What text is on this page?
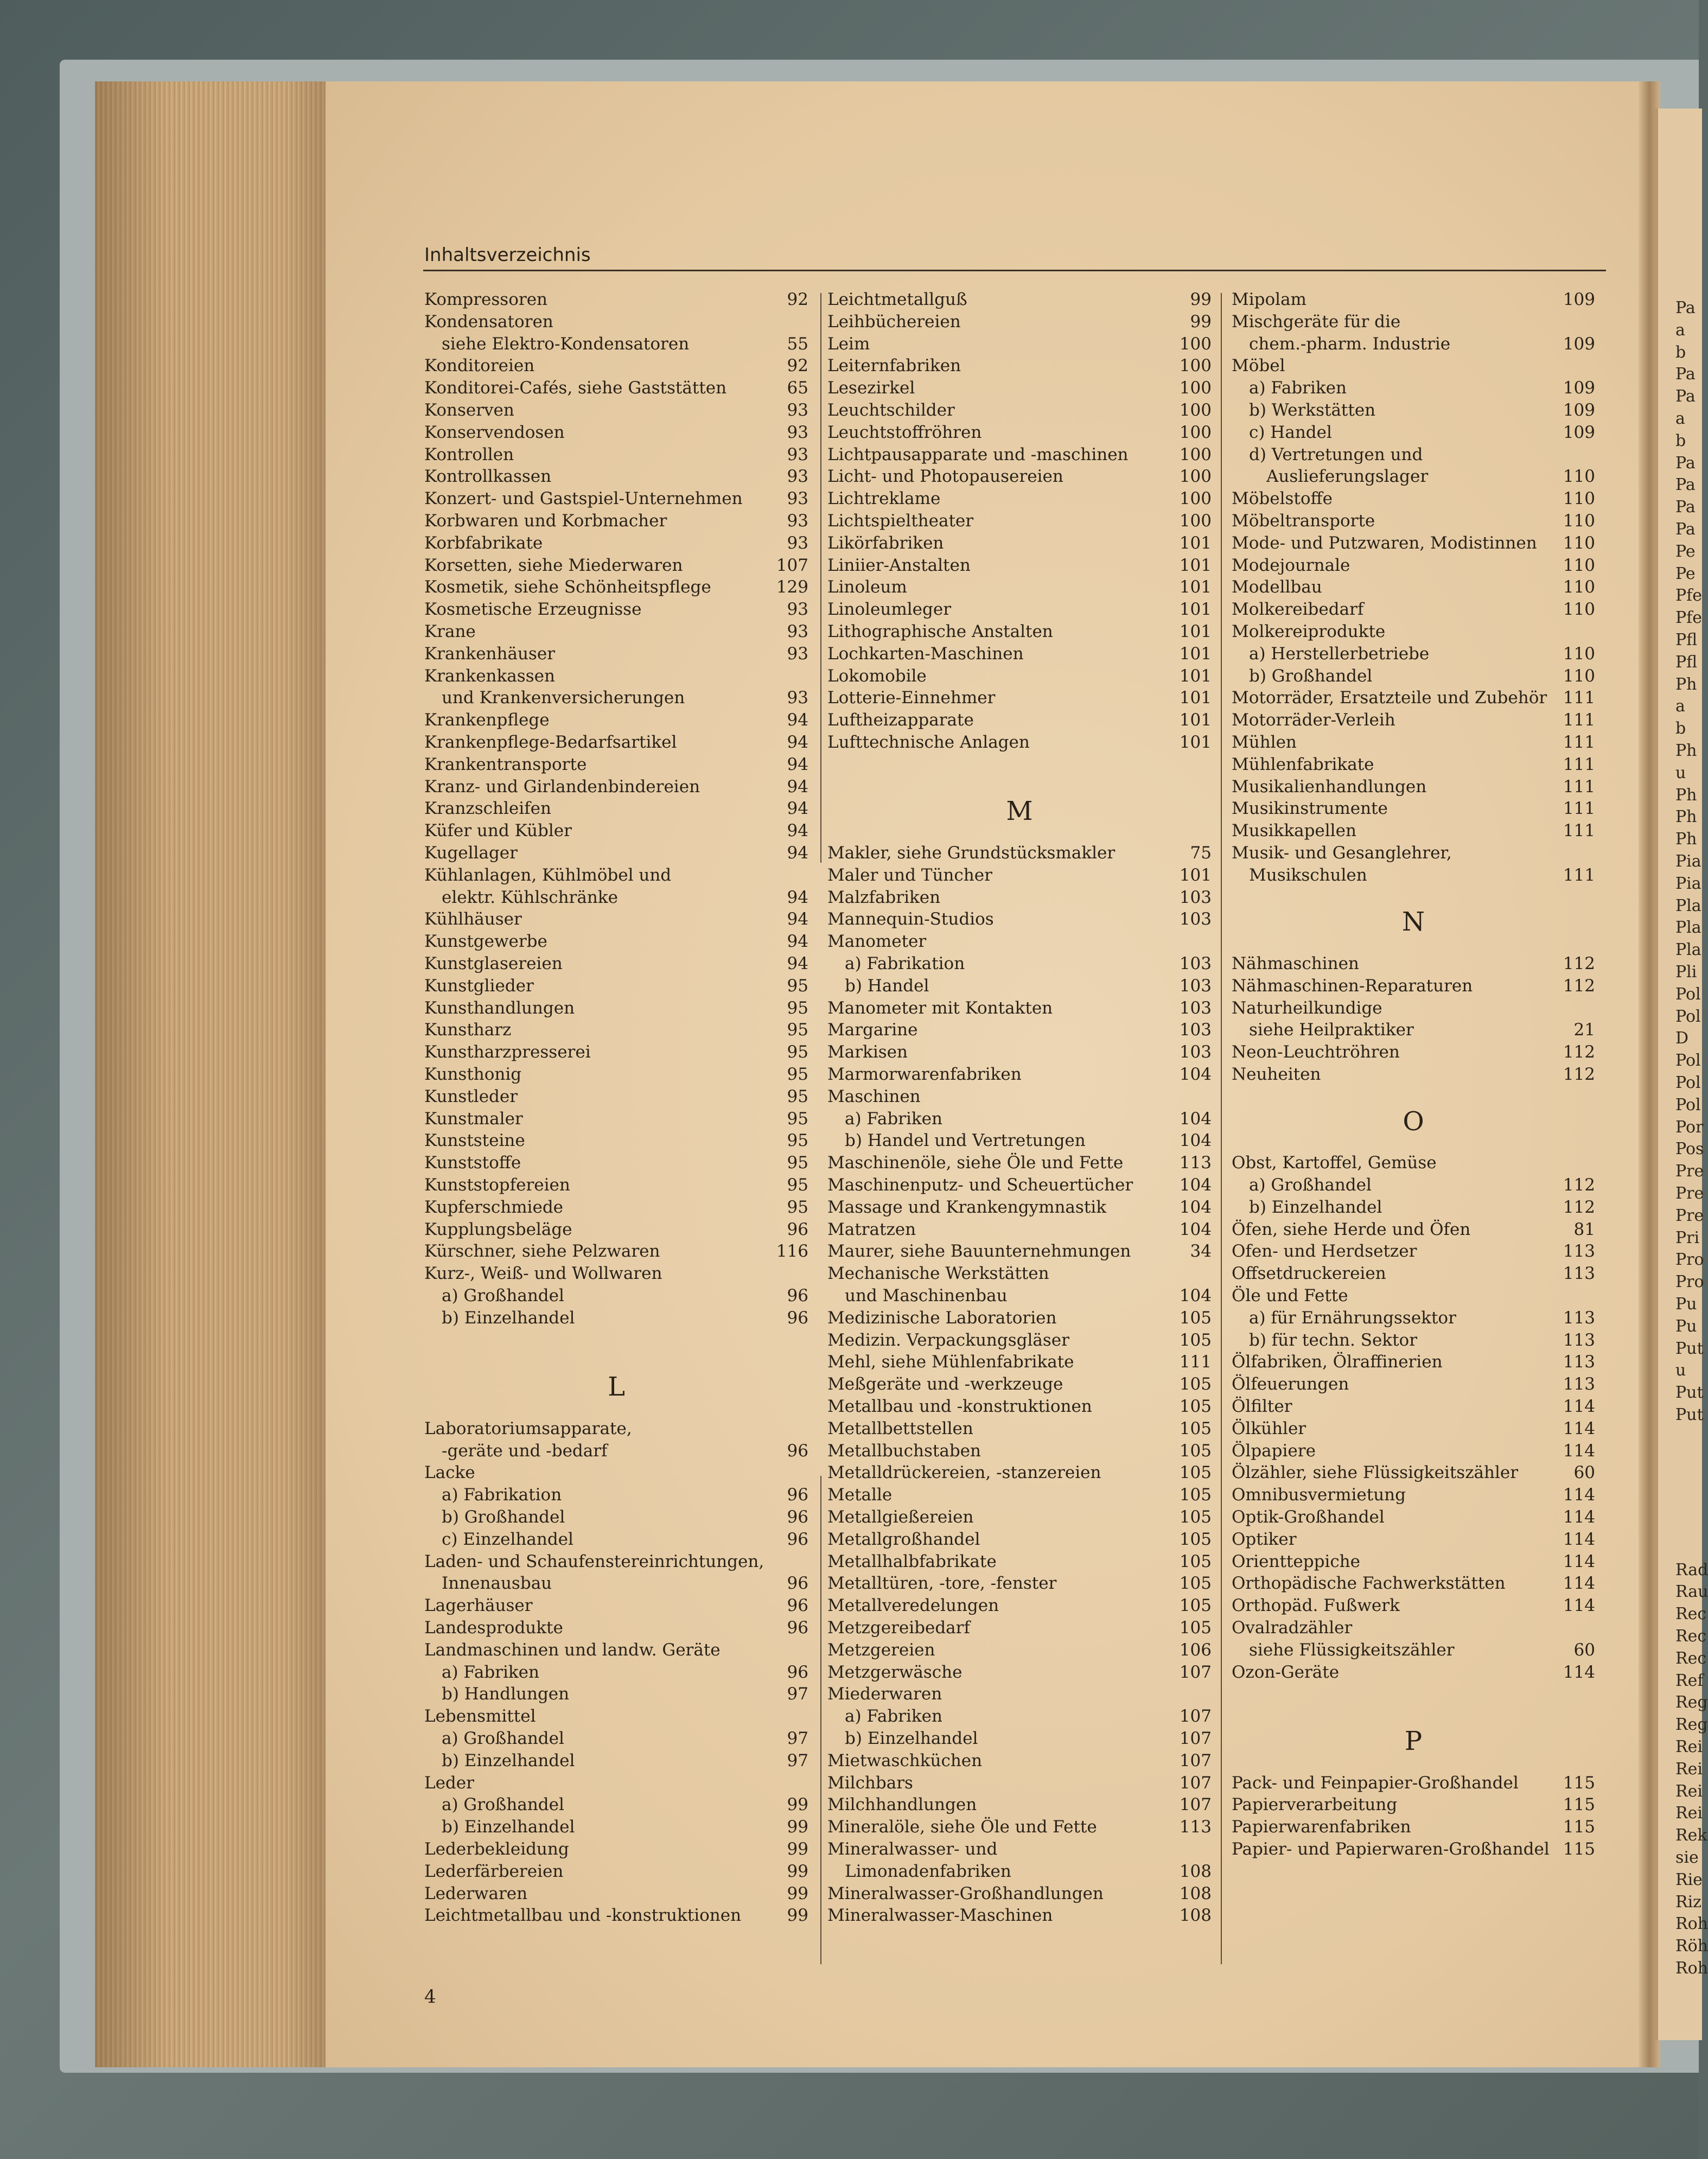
Pa
a
b
Pa
Pa
a
b
Pa
Pa
Pa
Pa
Pe
Pe
Pfe
Pfe
Pfl
Pfl
Ph
a
b
Ph
u
Ph
Ph
Ph
Pia
Pia
Pla
Pla
Pla
Pli
Pol
Pol
D
Pol
Pol
Pol
Por
Pos
Pre
Pre
Pre
Pri
Pro
Pro
Pu
Pu
Put
u
Put
Put
Rad
Rau
Rec
Rec
Rec
Ref
Reg
Reg
Rei
Rei
Rei
Rei
Rek
sie
Rie
Riz
Roh
Röh
Roh
Inhaltsverzeichnis
Kompressoren	92
Kondensatoren
siehe Elektro-Kondensatoren	55
Konditoreien	92
Konditorei-Cafés, siehe Gaststätten	65
Konserven	93
Konservendosen	93
Kontrollen	93
Kontrollkassen	93
Konzert- und Gastspiel-Unternehmen	93
Korbwaren und Korbmacher	93
Korbfabrikate	93
Korsetten, siehe Miederwaren	107
Kosmetik, siehe Schönheitspflege	129
Kosmetische Erzeugnisse	93
Krane	93
Krankenhäuser	93
Krankenkassen
und Krankenversicherungen	93
Krankenpflege	94
Krankenpflege-Bedarfsartikel	94
Krankentransporte	94
Kranz- und Girlandenbindereien	94
Kranzschleifen	94
Küfer und Kübler	94
Kugellager	94
Kühlanlagen, Kühlmöbel und
elektr. Kühlschränke	94
Kühlhäuser	94
Kunstgewerbe	94
Kunstglasereien	94
Kunstglieder	95
Kunsthandlungen	95
Kunstharz	95
Kunstharzpresserei	95
Kunsthonig	95
Kunstleder	95
Kunstmaler	95
Kunststeine	95
Kunststoffe	95
Kunststopfereien	95
Kupferschmiede	95
Kupplungsbeläge	96
Kürschner, siehe Pelzwaren	116
Kurz-, Weiß- und Wollwaren
a) Großhandel	96
b) Einzelhandel	96
L
Laboratoriumsapparate,
-geräte und -bedarf	96
Lacke
a) Fabrikation	96
b) Großhandel	96
c) Einzelhandel	96
Laden- und Schaufenstereinrichtungen,
Innenausbau	96
Lagerhäuser	96
Landesprodukte	96
Landmaschinen und landw. Geräte
a) Fabriken	96
b) Handlungen	97
Lebensmittel
a) Großhandel	97
b) Einzelhandel	97
Leder
a) Großhandel	99
b) Einzelhandel	99
Lederbekleidung	99
Lederfärbereien	99
Lederwaren	99
Leichtmetallbau und -konstruktionen	99
Leichtmetallguß	99
Leihbüchereien	99
Leim	100
Leiternfabriken	100
Lesezirkel	100
Leuchtschilder	100
Leuchtstoffröhren	100
Lichtpausapparate und -maschinen	100
Licht- und Photopausereien	100
Lichtreklame	100
Lichtspieltheater	100
Likörfabriken	101
Liniier-Anstalten	101
Linoleum	101
Linoleumleger	101
Lithographische Anstalten	101
Lochkarten-Maschinen	101
Lokomobile	101
Lotterie-Einnehmer	101
Luftheizapparate	101
Lufttechnische Anlagen	101
M
Makler, siehe Grundstücksmakler	75
Maler und Tüncher	101
Malzfabriken	103
Mannequin-Studios	103
Manometer
a) Fabrikation	103
b) Handel	103
Manometer mit Kontakten	103
Margarine	103
Markisen	103
Marmorwarenfabriken	104
Maschinen
a) Fabriken	104
b) Handel und Vertretungen	104
Maschinenöle, siehe Öle und Fette	113
Maschinenputz- und Scheuertücher	104
Massage und Krankengymnastik	104
Matratzen	104
Maurer, siehe Bauunternehmungen	34
Mechanische Werkstätten
und Maschinenbau	104
Medizinische Laboratorien	105
Medizin. Verpackungsgläser	105
Mehl, siehe Mühlenfabrikate	111
Meßgeräte und -werkzeuge	105
Metallbau und -konstruktionen	105
Metallbettstellen	105
Metallbuchstaben	105
Metalldrückereien, -stanzereien	105
Metalle	105
Metallgießereien	105
Metallgroßhandel	105
Metallhalbfabrikate	105
Metalltüren, -tore, -fenster	105
Metallveredelungen	105
Metzgereibedarf	105
Metzgereien	106
Metzgerwäsche	107
Miederwaren
a) Fabriken	107
b) Einzelhandel	107
Mietwaschküchen	107
Milchbars	107
Milchhandlungen	107
Mineralöle, siehe Öle und Fette	113
Mineralwasser- und
Limonadenfabriken	108
Mineralwasser-Großhandlungen	108
Mineralwasser-Maschinen	108
Mipolam	109
Mischgeräte für die
chem.-pharm. Industrie	109
Möbel
a) Fabriken	109
b) Werkstätten	109
c) Handel	109
d) Vertretungen und
Auslieferungslager	110
Möbelstoffe	110
Möbeltransporte	110
Mode- und Putzwaren, Modistinnen 110
Modejournale	110
Modellbau	110
Molkereibedarf	110
Molkereiprodukte
a) Herstellerbetriebe	110
b) Großhandel	110
Motorräder, Ersatzteile und Zubehör 111
Motorräder-Verleih	111
Mühlen	111
Mühlenfabrikate	111
Musikalienhandlungen	111
Musikinstrumente	111
Musikkapellen	111
Musik- und Gesanglehrer,
Musikschulen	111
N
Nähmaschinen	112
Nähmaschinen-Reparaturen	112
Naturheilkundige
siehe Heilpraktiker	21
Neon-Leuchtröhren	112
Neuheiten	112
O
Obst, Kartoffel, Gemüse
a) Großhandel	112
b) Einzelhandel	112
Öfen, siehe Herde und Öfen	81
Ofen- und Herdsetzer	113
Offsetdruckereien	113
Öle und Fette
a) für Ernährungssektor	113
b) für techn. Sektor	113
Ölfabriken, Ölraffinerien	113
Ölfeuerungen	113
Ölfilter	114
Ölkühler	114
Ölpapiere	114
Ölzähler, siehe Flüssigkeitszähler	60
Omnibusvermietung	114
Optik-Großhandel	114
Optiker	114
Orientteppiche	114
Orthopädische Fachwerkstätten	114
Orthopäd. Fußwerk	114
Ovalradzähler
siehe Flüssigkeitszähler	60
Ozon-Geräte	114
P
Pack- und Feinpapier-Großhandel	115
Papierverarbeitung	115
Papierwarenfabriken	115
Papier- und Papierwaren-Großhandel 115
4
